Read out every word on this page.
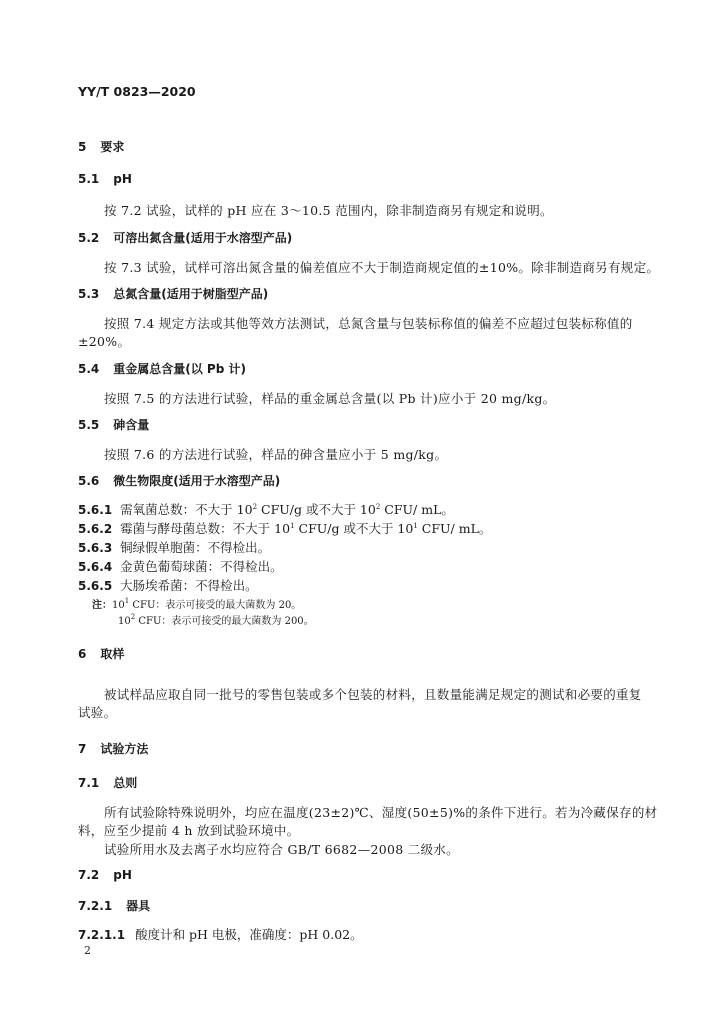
YY/T 0823—2020
5 要求
5.1 pH
按 7.2 试验，试样的 pH 应在 3～10.5 范围内，除非制造商另有规定和说明。
5.2 可溶出氮含量(适用于水溶型产品)
按 7.3 试验，试样可溶出氮含量的偏差值应不大于制造商规定值的±10%。除非制造商另有规定。
5.3 总氮含量(适用于树脂型产品)
按照 7.4 规定方法或其他等效方法测试，总氮含量与包装标称值的偏差不应超过包装标称值的
±20%。
5.4 重金属总含量(以 Pb 计)
按照 7.5 的方法进行试验，样品的重金属总含量(以 Pb 计)应小于 20 mg/kg。
5.5 砷含量
按照 7.6 的方法进行试验，样品的砷含量应小于 5 mg/kg。
5.6 微生物限度(适用于水溶型产品)
5.6.1 需氧菌总数：不大于 $10^2$ CFU/g 或不大于 $10^2$ CFU/ mL。
5.6.2 霉菌与酵母菌总数：不大于 $10^1$ CFU/g 或不大于 $10^1$ CFU/ mL。
5.6.3 铜绿假单胞菌：不得检出。
5.6.4 金黄色葡萄球菌：不得检出。
5.6.5 大肠埃希菌：不得检出。
注：$10^1$ CFU：表示可接受的最大菌数为 20。
$10^2$ CFU：表示可接受的最大菌数为 200。
6 取样
被试样品应取自同一批号的零售包装或多个包装的材料，且数量能满足规定的测试和必要的重复
试验。
7 试验方法
7.1 总则
所有试验除特殊说明外，均应在温度(23±2)℃、湿度(50±5)%的条件下进行。若为冷藏保存的材
料，应至少提前 4 h 放到试验环境中。
试验所用水及去离子水均应符合 GB/T 6682—2008 二级水。
7.2 pH
7.2.1 器具
7.2.1.1 酸度计和 pH 电极，准确度：pH 0.02。
2
